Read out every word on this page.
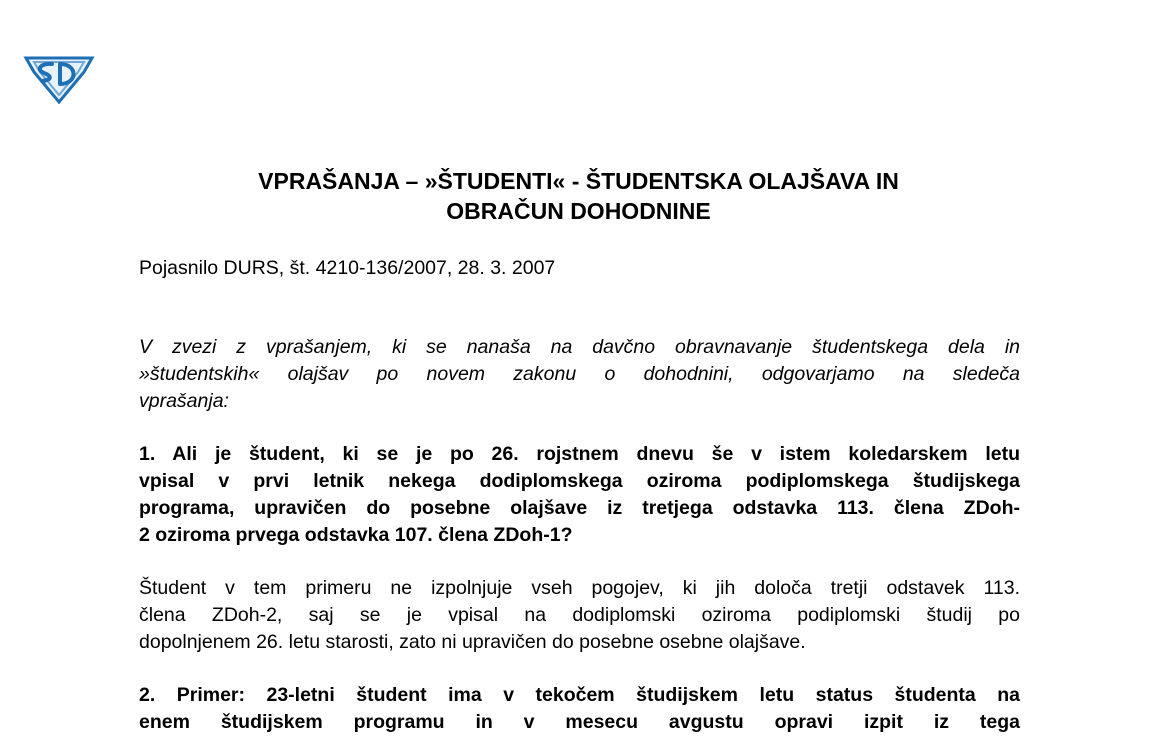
VPRAŠANJA – »ŠTUDENTI« - ŠTUDENTSKA OLAJŠAVA IN
OBRAČUN DOHODNINE
Pojasnilo DURS, št. 4210-136/2007, 28. 3. 2007
V zvezi z vprašanjem, ki se nanaša na davčno obravnavanje študentskega dela in
»študentskih« olajšav po novem zakonu o dohodnini, odgovarjamo na sledeča
vprašanja:
1. Ali je študent, ki se je po 26. rojstnem dnevu še v istem koledarskem letu
vpisal v prvi letnik nekega dodiplomskega oziroma podiplomskega študijskega
programa, upravičen do posebne olajšave iz tretjega odstavka 113. člena ZDoh-
2 oziroma prvega odstavka 107. člena ZDoh-1?
Študent v tem primeru ne izpolnjuje vseh pogojev, ki jih določa tretji odstavek 113.
člena ZDoh-2, saj se je vpisal na dodiplomski oziroma podiplomski študij po
dopolnjenem 26. letu starosti, zato ni upravičen do posebne osebne olajšave.
2. Primer: 23-letni študent ima v tekočem študijskem letu status študenta na
enem študijskem programu in v mesecu avgustu opravi izpit iz tega
